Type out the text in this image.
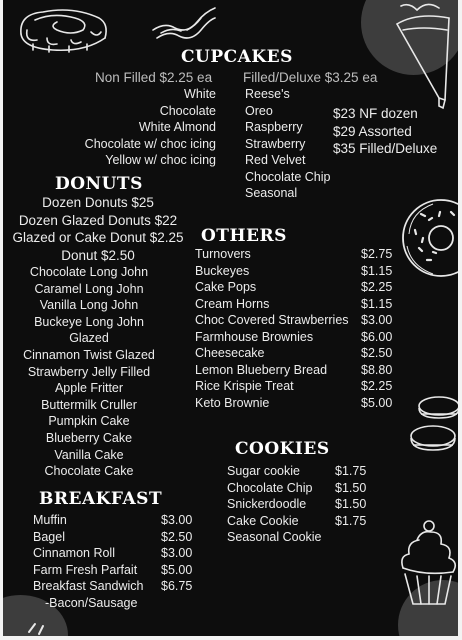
CUPCAKES
Non Filled $2.25 ea Filled/Deluxe $3.25 ea
White
Chocolate
White Almond
Chocolate w/ choc icing
Yellow w/ choc icing
Reese's
Oreo
Raspberry
Strawberry
Red Velvet
Chocolate Chip
Seasonal
$23 NF dozen
$29 Assorted
$35 Filled/Deluxe
DONUTS
Dozen Donuts $25
Dozen Glazed Donuts $22
Glazed or Cake Donut $2.25
Donut $2.50
Chocolate Long John
Caramel Long John
Vanilla Long John
Buckeye Long John
Glazed
Cinnamon Twist Glazed
Strawberry Jelly Filled
Apple Fritter
Buttermilk Cruller
Pumpkin Cake
Blueberry Cake
Vanilla Cake
Chocolate Cake
OTHERS
Turnovers
Buckeyes
Cake Pops
Cream Horns
Choc Covered Strawberries
Farmhouse Brownies
Cheesecake
Lemon Blueberry Bread
Rice Krispie Treat
Keto Brownie
$2.75
$1.15
$2.25
$1.15
$3.00
$6.00
$2.50
$8.80
$2.25
$5.00
COOKIES
Sugar cookie
Chocolate Chip
Snickerdoodle
Cake Cookie
Seasonal Cookie
$1.75
$1.50
$1.50
$1.75
BREAKFAST
Muffin
Bagel
Cinnamon Roll
Farm Fresh Parfait
Breakfast Sandwich
-Bacon/Sausage
$3.00
$2.50
$3.00
$5.00
$6.75
